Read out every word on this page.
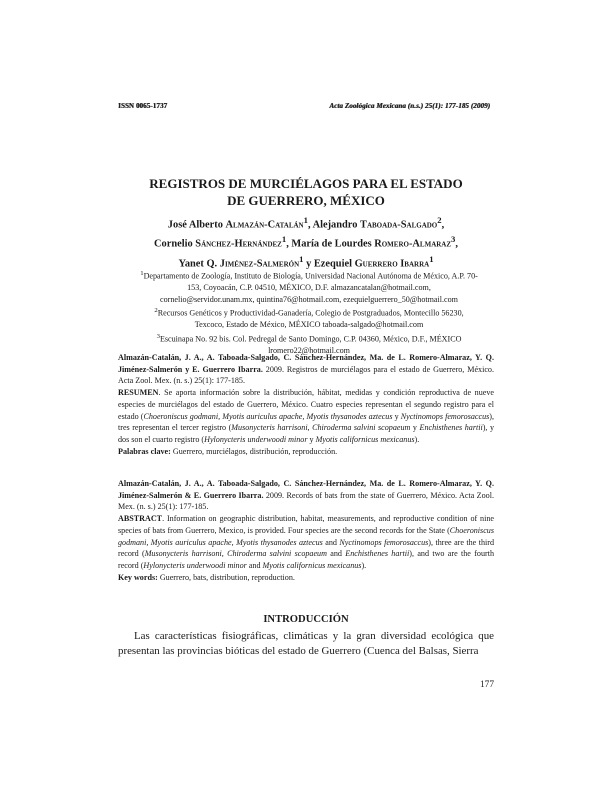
ISSN 0065-1737	Acta Zoológica Mexicana (n.s.) 25(1): 177-185 (2009)
REGISTROS DE MURCIÉLAGOS PARA EL ESTADO
DE GUERRERO, MÉXICO
José Alberto Almazán-Catalán$^1$, Alejandro Taboada-Salgado$^2$,
Cornelio Sánchez-Hernández$^1$, María de Lourdes Romero-Almaraz$^3$,
Yanet Q. Jiménez-Salmerón$^1$ y Ezequiel Guerrero Ibarra$^1$

$^1$Departamento de Zoología, Instituto de Biología, Universidad Nacional Autónoma de México, A.P. 70-153, Coyoacán, C.P. 04510, MÉXICO, D.F. almazancatalan@hotmail.com, cornelio@servidor.unam.mx, quintina76@hotmail.com, ezequielguerrero_50@hotmail.com

$^2$Recursos Genéticos y Productividad-Ganadería, Colegio de Postgraduados, Montecillo 56230, Texcoco, Estado de México, MÉXICO taboada-salgado@hotmail.com

$^3$Escuinapa No. 92 bis. Col. Pedregal de Santo Domingo, C.P. 04360, México, D.F., MÉXICO lromero22@hotmail.com

Almazán-Catalán, J. A., A. Taboada-Salgado, C. Sánchez-Hernández, Ma. de L. Romero-Almaraz, Y. Q. Jiménez-Salmerón y E. Guerrero Ibarra. 2009. Registros de murciélagos para el estado de Guerrero, México. Acta Zool. Mex. (n. s.) 25(1): 177-185.

RESUMEN. Se aporta información sobre la distribución, hábitat, medidas y condición reproductiva de nueve especies de murciélagos del estado de Guerrero, México. Cuatro especies representan el segundo registro para el estado (Choeroniscus godmani, Myotis auriculus apache, Myotis thysanodes aztecus y Nyctinomops femorosaccus), tres representan el tercer registro (Musonycteris harrisoni, Chiroderma salvini scopaeum y Enchisthenes hartii), y dos son el cuarto registro (Hylonycteris underwoodi minor y Myotis californicus mexicanus).

Palabras clave: Guerrero, murciélagos, distribución, reproducción.

Almazán-Catalán, J. A., A. Taboada-Salgado, C. Sánchez-Hernández, Ma. de L. Romero-Almaraz, Y. Q. Jiménez-Salmerón & E. Guerrero Ibarra. 2009. Records of bats from the state of Guerrero, México. Acta Zool. Mex. (n. s.) 25(1): 177-185.

ABSTRACT. Information on geographic distribution, habitat, measurements, and reproductive condition of nine species of bats from Guerrero, Mexico, is provided. Four species are the second records for the State (Choeroniscus godmani, Myotis auriculus apache, Myotis thysanodes aztecus and Nyctinomops femorosaccus), three are the third record (Musonycteris harrisoni, Chiroderma salvini scopaeum and Enchisthenes hartii), and two are the fourth record (Hylonycteris underwoodi minor and Myotis californicus mexicanus).

Key words: Guerrero, bats, distribution, reproduction.

INTRODUCCIÓN

Las características fisiográficas, climáticas y la gran diversidad ecológica que presentan las provincias bióticas del estado de Guerrero (Cuenca del Balsas, Sierra

177
